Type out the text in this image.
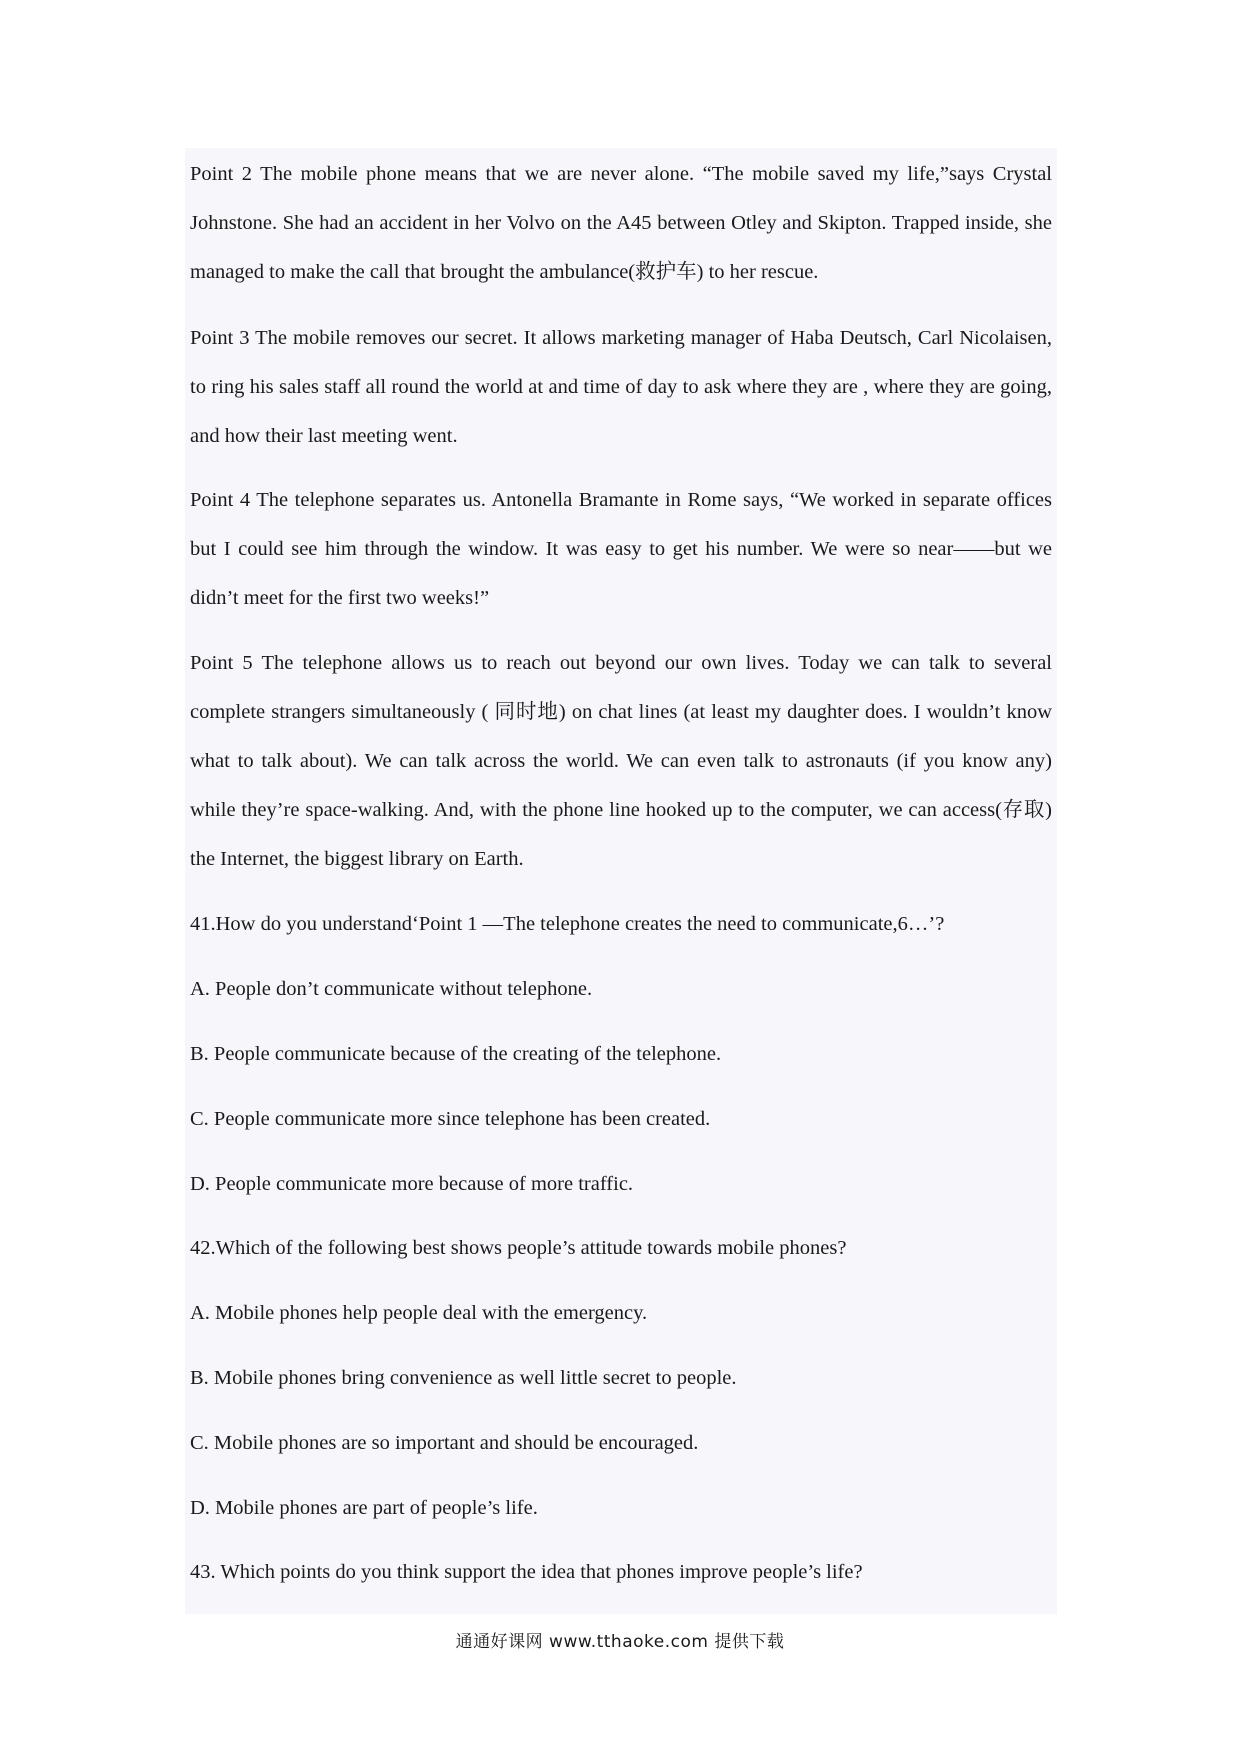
Point 2 The mobile phone means that we are never alone. “The mobile saved my life,”says Crystal Johnstone. She had an accident in her Volvo on the A45 between Otley and Skipton. Trapped inside, she managed to make the call that brought the ambulance(救护车) to her rescue.

Point 3 The mobile removes our secret. It allows marketing manager of Haba Deutsch, Carl Nicolaisen, to ring his sales staff all round the world at and time of day to ask where they are , where they are going, and how their last meeting went.

Point 4 The telephone separates us. Antonella Bramante in Rome says, “We worked in separate offices but I could see him through the window. It was easy to get his number. We were so near——but we didn’t meet for the first two weeks!”

Point 5 The telephone allows us to reach out beyond our own lives. Today we can talk to several complete strangers simultaneously ( 同时地) on chat lines (at least my daughter does. I wouldn’t know what to talk about). We can talk across the world. We can even talk to astronauts (if you know any) while they’re space-walking. And, with the phone line hooked up to the computer, we can access(存取) the Internet, the biggest library on Earth.

41.How do you understand‘Point 1 —The telephone creates the need to communicate,6…’?

A. People don’t communicate without telephone.

B. People communicate because of the creating of the telephone.

C. People communicate more since telephone has been created.

D. People communicate more because of more traffic.

42.Which of the following best shows people’s attitude towards mobile phones?

A. Mobile phones help people deal with the emergency.

B. Mobile phones bring convenience as well little secret to people.

C. Mobile phones are so important and should be encouraged.

D. Mobile phones are part of people’s life.

43. Which points do you think support the idea that phones improve people’s life?

通通好课网 www.tthaoke.com 提供下载
